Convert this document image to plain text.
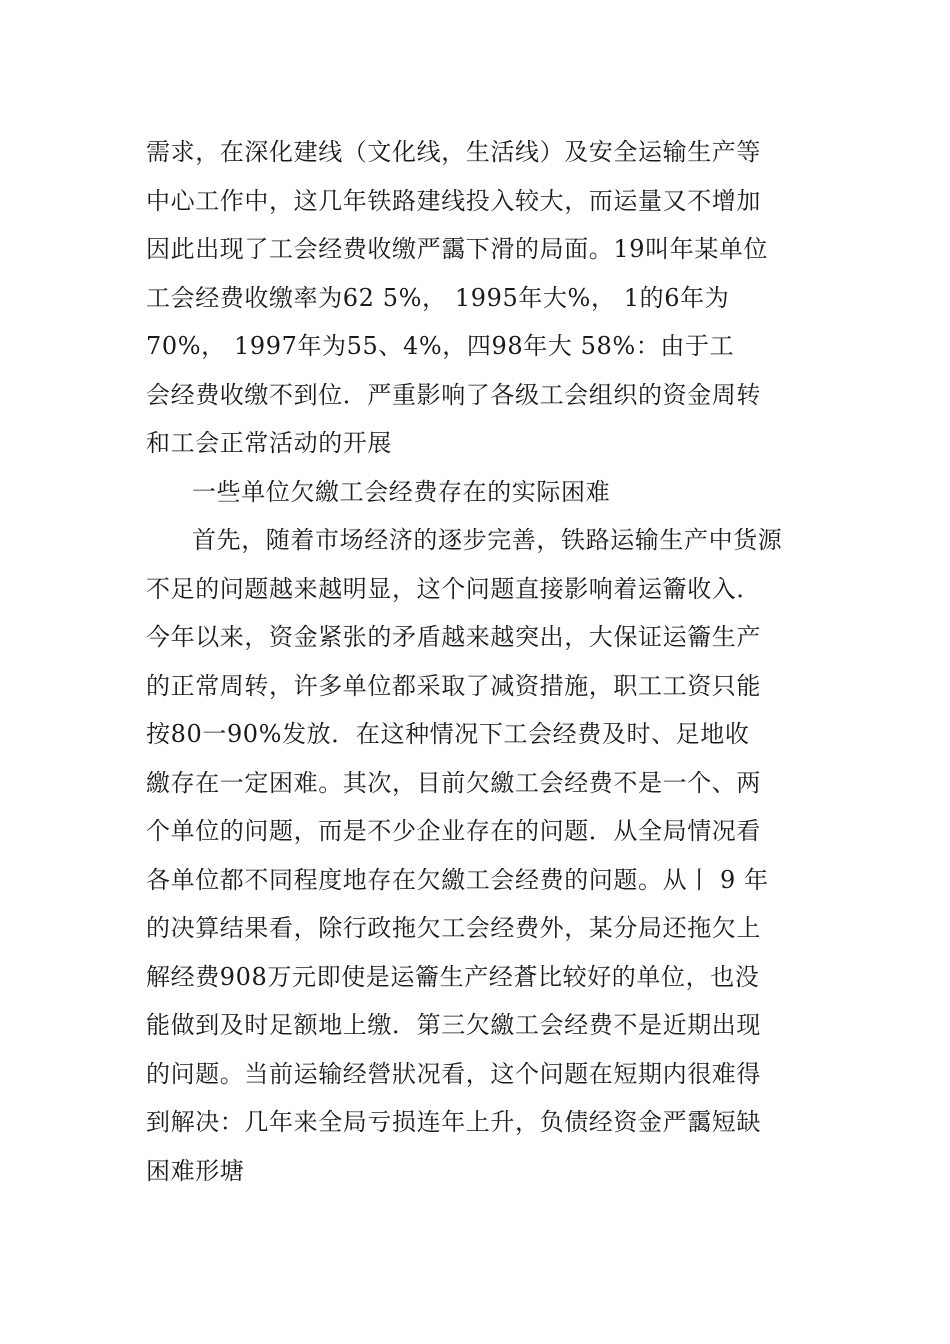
需求，在深化建线（文化线，生活线）及安全运输生产等
中心工作中，这几年铁路建线投入较大，而运量又不增加
因此出现了工会经费收缴严靄下滑的局面。19叫年某单位
工会经费收缴率为62 5%， 1995年大%， 1的6年为
70%， 1997年为55、4%，四98年大 58%：由于工
会经费收缴不到位．严重影响了各级工会组织的资金周转
和工会正常活动的开展
一些单位欠繳工会经费存在的实际困难
首先，随着市场经济的逐步完善，铁路运输生产中货源
不足的问题越来越明显，这个问题直接影响着运籥收入．
今年以来，资金紧张的矛盾越来越突出，大保证运籥生产
的正常周转，许多单位都采取了减资措施，职工工资只能
按80一90%发放．在这种情况下工会经费及时、足地收
繳存在一定困难。其次，目前欠繳工会经费不是一个、两
个单位的问题，而是不少企业存在的问题．从全局情况看
各单位都不同程度地存在欠繳工会经费的问题。从丨 9 年
的决算结果看，除行政拖欠工会经费外，某分局还拖欠上
解经费908万元即使是运籥生产经蒼比较好的单位，也没
能做到及时足额地上缴．第三欠繳工会经费不是近期出现
的问题。当前运输经營狀况看，这个问题在短期内很难得
到解决：几年来全局亏损连年上升，负债经资金严靄短缺
困难形塘
